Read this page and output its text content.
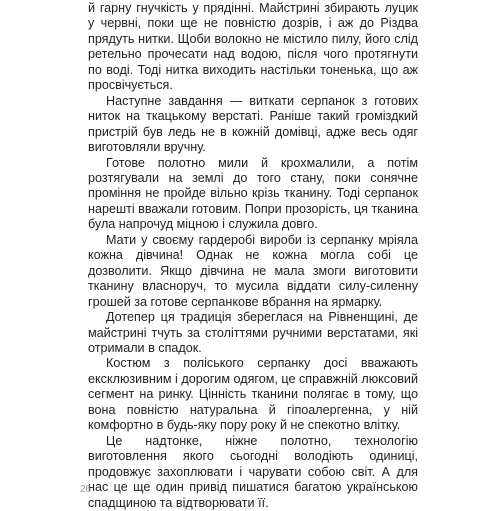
й гарну гнучкість у прядінні. Майстрині збирають луцик у червні, поки ще не повністю дозрів, і аж до Різдва прядуть нитки. Щоби волокно не містило пилу, його слід ретельно прочесати над водою, після чого протягнути по воді. Тоді нитка виходить настільки тоненька, що аж просвічується.

Наступне завдання — виткати серпанок з готових ниток на ткацькому верстаті. Раніше такий громіздкий пристрій був ледь не в кожній домівці, адже весь одяг виготовляли вручну.

Готове полотно мили й крохмалили, а потім розтягували на землі до того стану, поки сонячне проміння не пройде вільно крізь тканину. Тоді серпанок нарешті вважали готовим. Попри прозорість, ця тканина була напрочуд міцною і служила довго.

Мати у своєму гардеробі вироби із серпанку мріяла кожна дівчина! Однак не кожна могла собі це дозволити. Якщо дівчина не мала змоги виготовити тканину власноруч, то мусила віддати силу-силенну грошей за готове серпанкове вбрання на ярмарку.

Дотепер ця традиція збереглася на Рівненщині, де майстрині тчуть за століттями ручними верстатами, які отримали в спадок.

Костюм з поліського серпанку досі вважають ексклюзивним і дорогим одягом, це справжній люксовий сегмент на ринку. Цінність тканини полягає в тому, що вона повністю натуральна й гіпоалергенна, у ній комфортно в будь-яку пору року й не спекотно влітку.

Це надтонке, ніжне полотно, технологію виготовлення якого сьогодні володіють одиниці, продовжує захоплювати і чарувати собою світ. А для нас це ще один привід пишатися багатою українською спадщиною та відтворювати її.

26
